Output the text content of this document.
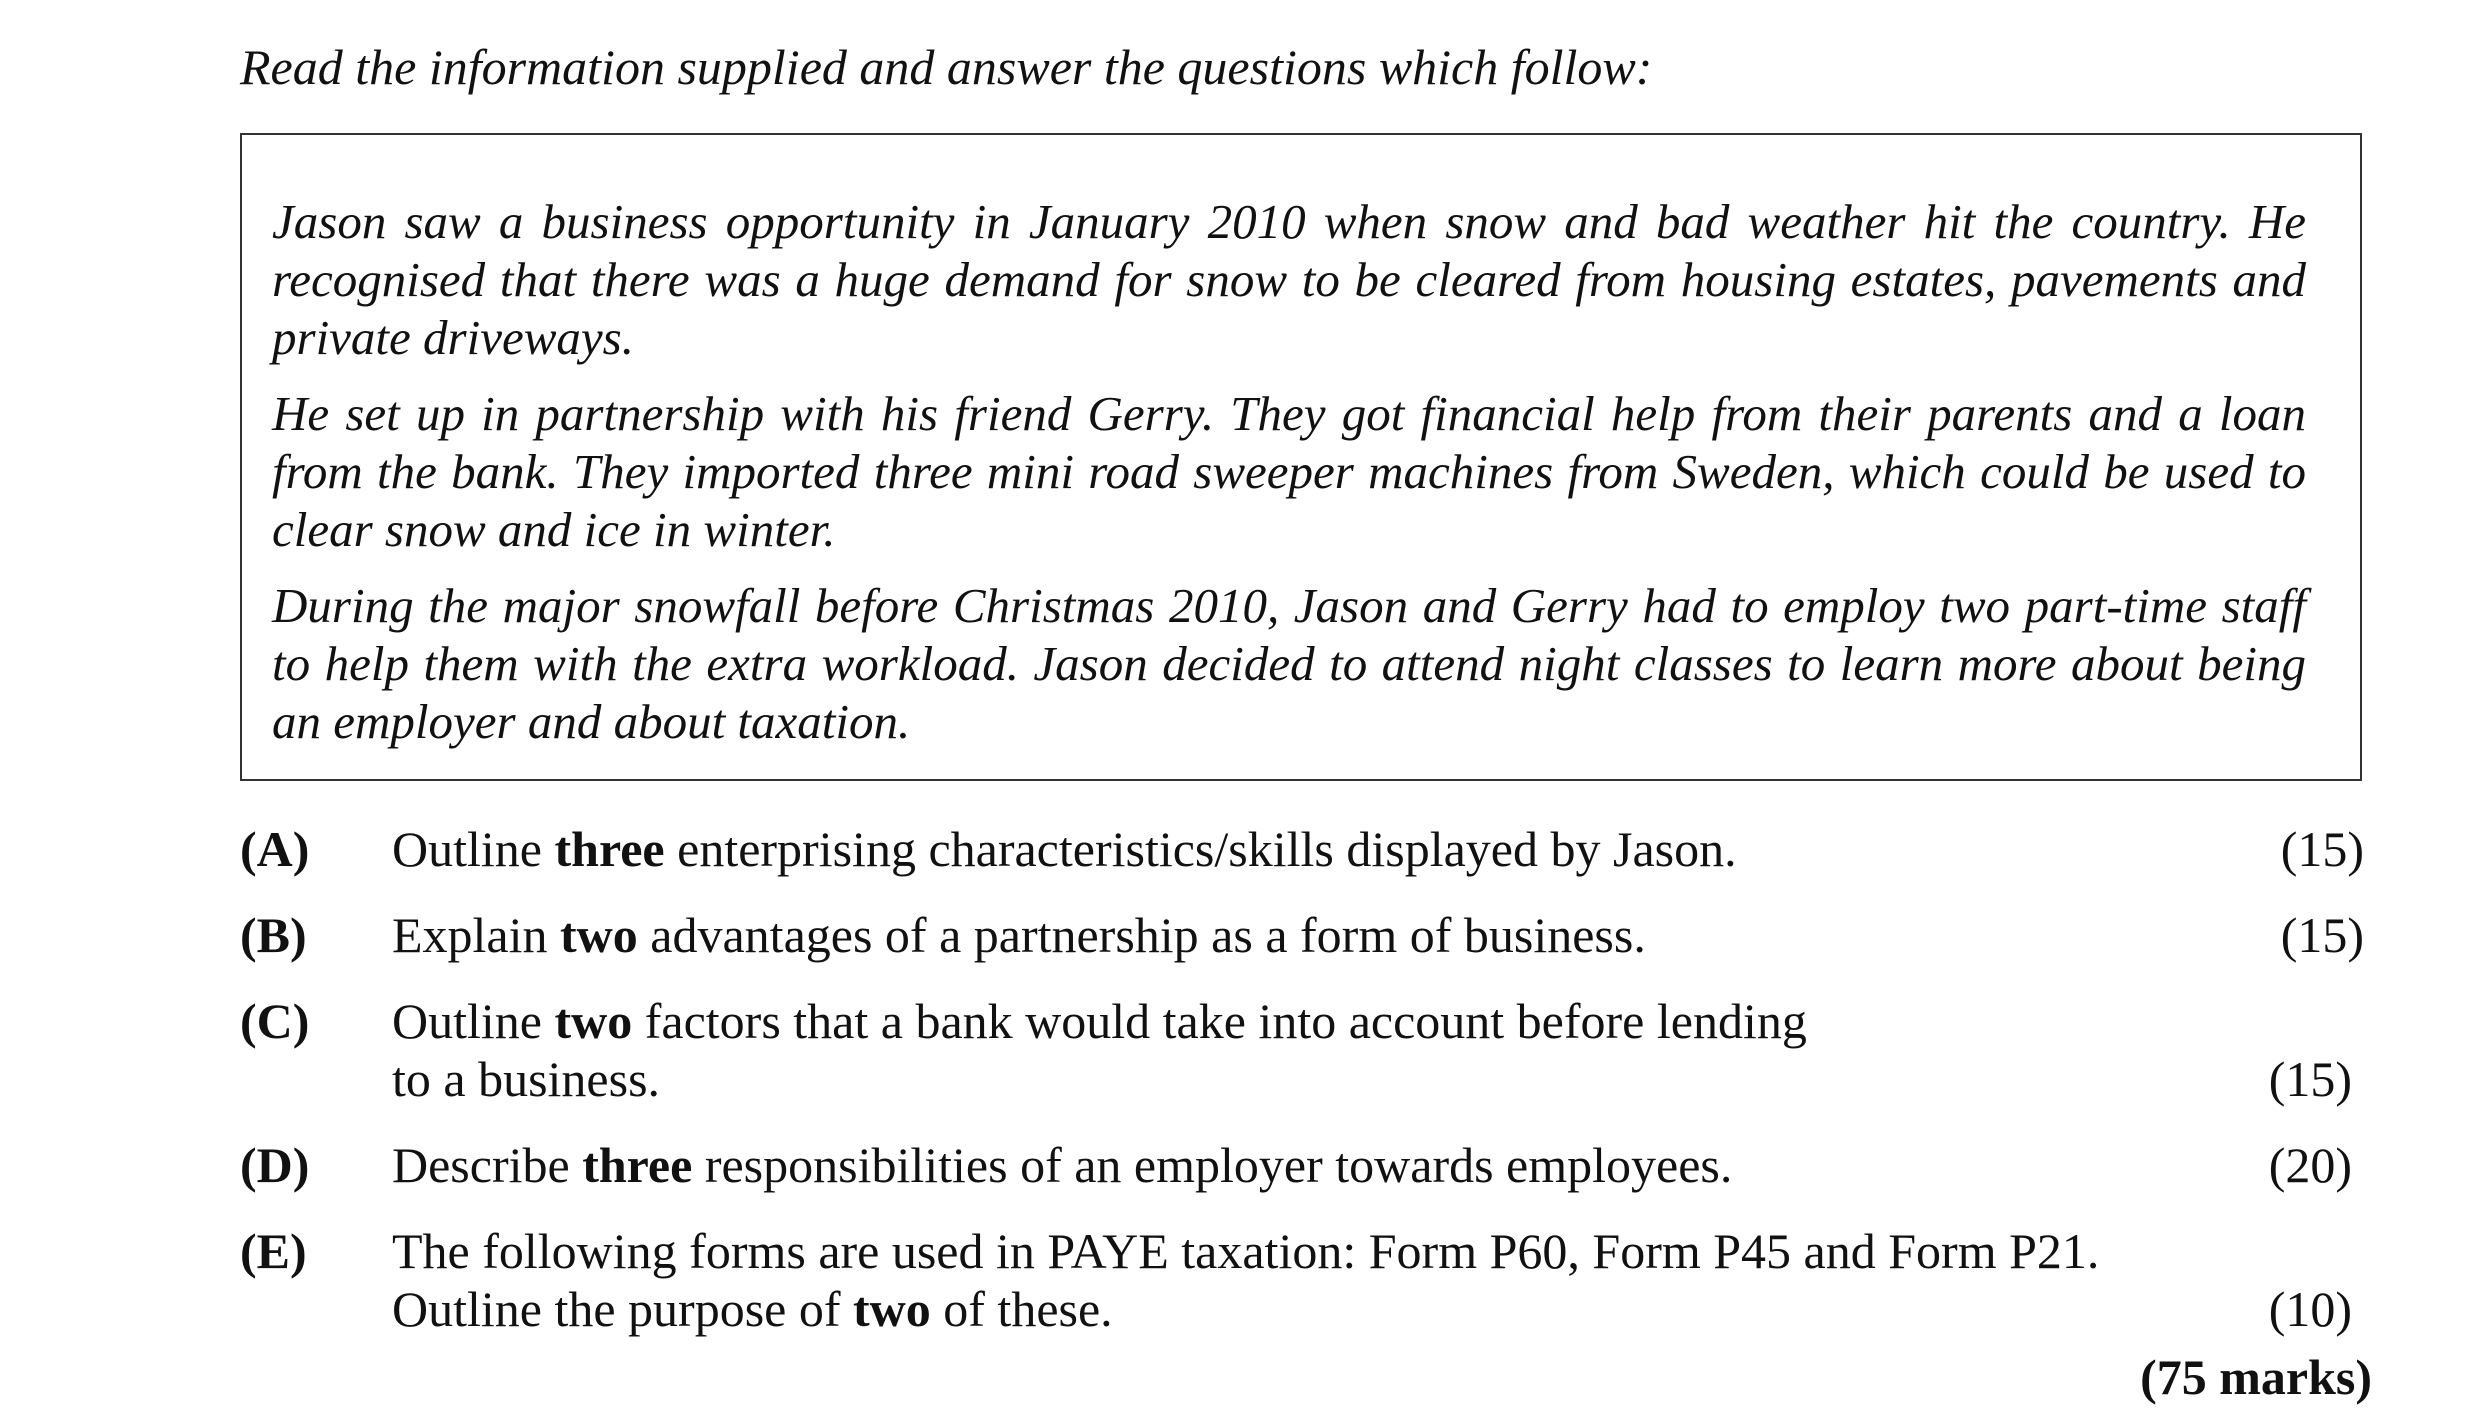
Read the information supplied and answer the questions which follow:

Jason saw a business opportunity in January 2010 when snow and bad weather hit the country. He recognised that there was a huge demand for snow to be cleared from housing estates, pavements and private driveways.

He set up in partnership with his friend Gerry. They got financial help from their parents and a loan from the bank. They imported three mini road sweeper machines from Sweden, which could be used to clear snow and ice in winter.

During the major snowfall before Christmas 2010, Jason and Gerry had to employ two part-time staff to help them with the extra workload. Jason decided to attend night classes to learn more about being an employer and about taxation.

(A) Outline three enterprising characteristics/skills displayed by Jason.	(15)
(B) Explain two advantages of a partnership as a form of business.	(15)
(C) Outline two factors that a bank would take into account before lending
to a business.	(15)
(D) Describe three responsibilities of an employer towards employees.	(20)
(E) The following forms are used in PAYE taxation: Form P60, Form P45 and Form P21.
Outline the purpose of two of these.	(10)
(75 marks)
